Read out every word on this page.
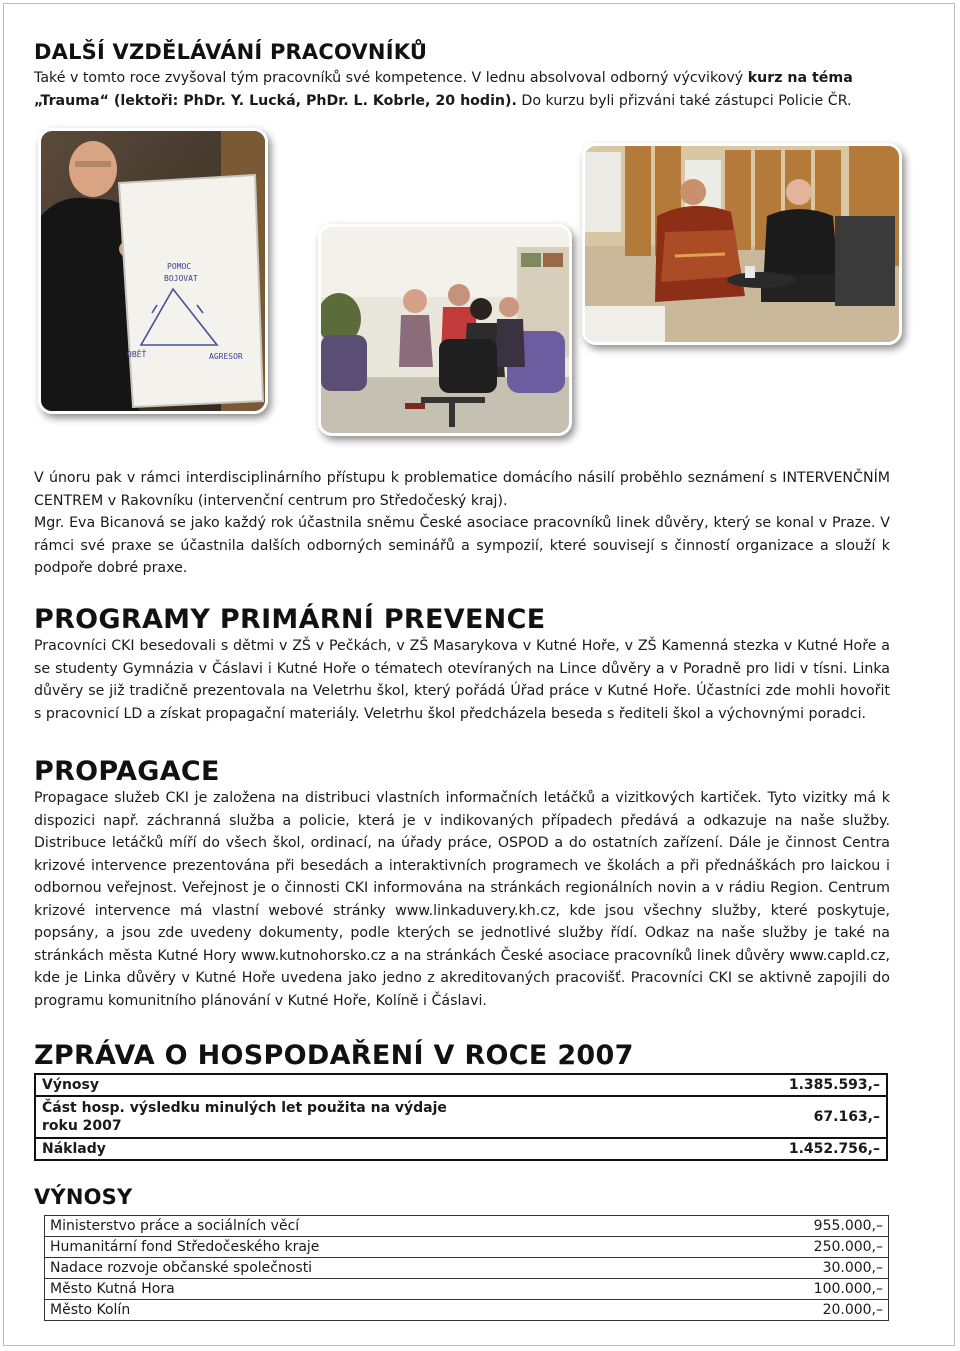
DALŠÍ VZDĚLÁVÁNÍ PRACOVNÍKŮ

Také v tomto roce zvyšoval tým pracovníků své kompetence. V lednu absolvoval odborný výcvikový kurz na téma „Trauma“ (lektoři: PhDr. Y. Lucká, PhDr. L. Kobrle, 20 hodin). Do kurzu byli přizváni také zástupci Policie ČR.

POMOC
BOJOVAT
OBĚŤ	AGRESOR

V únoru pak v rámci interdisciplinárního přístupu k problematice domácího násilí proběhlo seznámení s INTERVENČNÍM CENTREM v Rakovníku (intervenční centrum pro Středočeský kraj).

Mgr. Eva Bicanová se jako každý rok účastnila sněmu České asociace pracovníků linek důvěry, který se konal v Praze. V rámci své praxe se účastnila dalších odborných seminářů a sympozií, které souvisejí s činností organizace a slouží k podpoře dobré praxe.

PROGRAMY PRIMÁRNÍ PREVENCE

Pracovníci CKI besedovali s dětmi v ZŠ v Pečkách, v ZŠ Masarykova v Kutné Hoře, v ZŠ Kamenná stezka v Kutné Hoře a se studenty Gymnázia v Čáslavi i Kutné Hoře o tématech otevíraných na Lince důvěry a v Poradně pro lidi v tísni. Linka důvěry se již tradičně prezentovala na Veletrhu škol, který pořádá Úřad práce v Kutné Hoře. Účastníci zde mohli hovořit s pracovnicí LD a získat propagační materiály. Veletrhu škol předcházela beseda s řediteli škol a výchovnými poradci.

PROPAGACE

Propagace služeb CKI je založena na distribuci vlastních informačních letáčků a vizitkových kartiček. Tyto vizitky má k dispozici např. záchranná služba a policie, která je v indikovaných případech předává a odkazuje na naše služby. Distribuce letáčků míří do všech škol, ordinací, na úřady práce, OSPOD a do ostatních zařízení. Dále je činnost Centra krizové intervence prezentována při besedách a interaktivních programech ve školách a při přednáškách pro laickou i odbornou veřejnost. Veřejnost je o činnosti CKI informována na stránkách regionálních novin a v rádiu Region. Centrum krizové intervence má vlastní webové stránky www.linkaduvery.kh.cz, kde jsou všechny služby, které poskytuje, popsány, a jsou zde uvedeny dokumenty, podle kterých se jednotlivé služby řídí. Odkaz na naše služby je také na stránkách města Kutné Hory www.kutnohorsko.cz a na stránkách České asociace pracovníků linek důvěry www.capld.cz, kde je Linka důvěry v Kutné Hoře uvedena jako jedno z akreditovaných pracovišť. Pracovníci CKI se aktivně zapojili do programu komunitního plánování v Kutné Hoře, Kolíně i Čáslavi.

ZPRÁVA O HOSPODAŘENÍ V ROCE 2007
Výnosy	1.385.593,–

Část hosp. výsledku minulých let použita na výdaje roku 2007	67.163,–
Náklady	1.452.756,–
VÝNOSY
Ministerstvo práce a sociálních věcí	955.000,–
Humanitární fond Středočeského kraje	250.000,–
Nadace rozvoje občanské společnosti	30.000,–
Město Kutná Hora	100.000,–
Město Kolín	20.000,–
